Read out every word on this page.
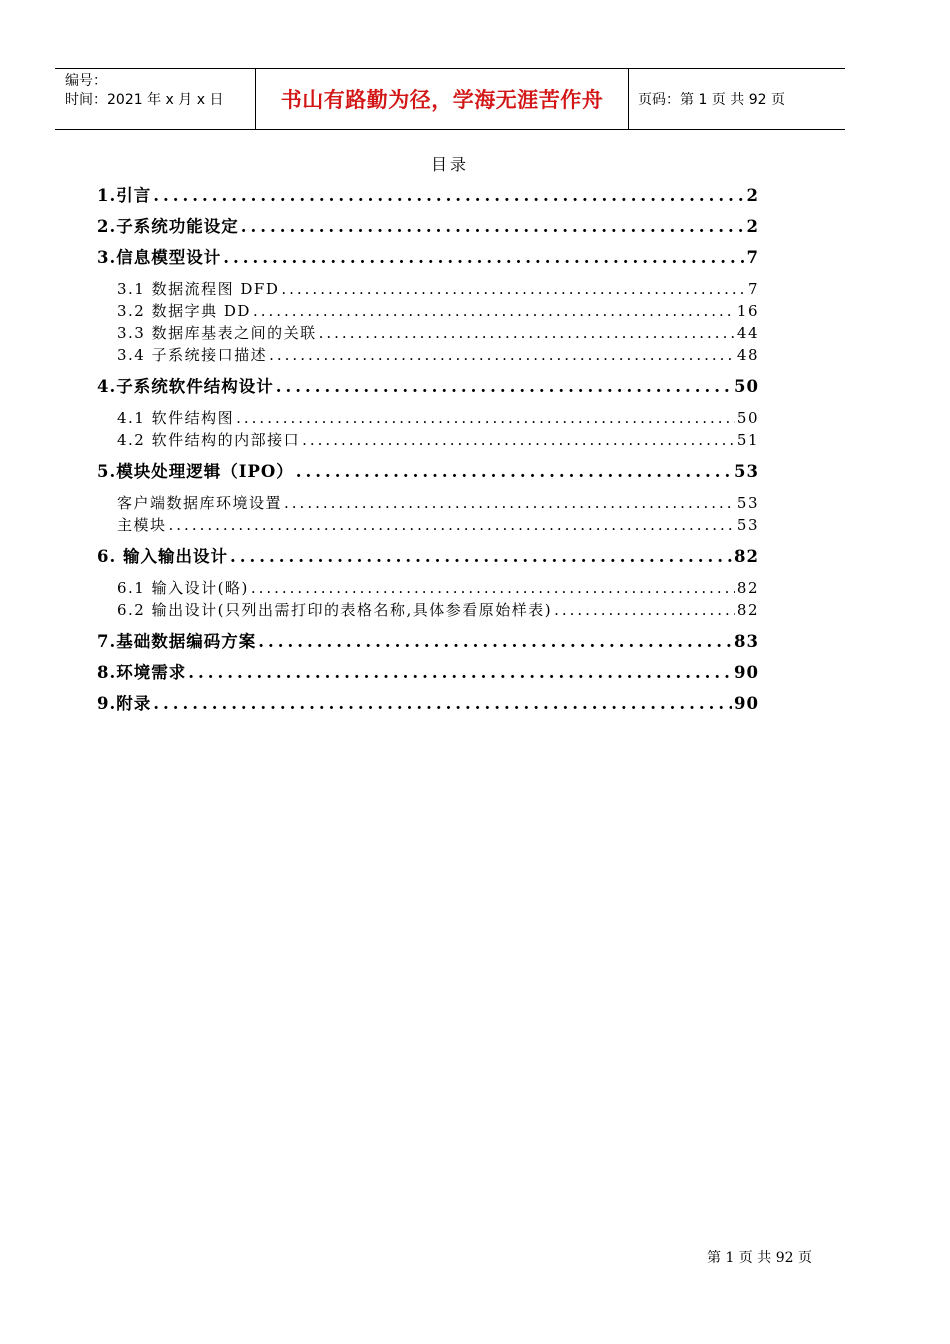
编号：
时间：2021 年 x 月 x 日	书山有路勤为径，学海无涯苦作舟 页码：第 1 页 共 92 页
目录
1.引言 .....	2
2.子系统功能设定 .....	2
3.信息模型设计 .....	7
3.1 数据流程图 DFD .....	7
3.2 数据字典 DD .....	16
3.3 数据库基表之间的关联 .....	44
3.4 子系统接口描述 .....	48
4.子系统软件结构设计 .....	50
4.1 软件结构图 .....	50
4.2 软件结构的内部接口 .....	51
5.模块处理逻辑（IPO） .....	53
客户端数据库环境设置 .....	53
主模块 .....	53
6. 输入输出设计 .....	82
6.1 输入设计(略) .....	82
6.2 输出设计(只列出需打印的表格名称,具体参看原始样表) .....	82
7.基础数据编码方案 .....	83
8.环境需求 .....	90
9.附录 .....	90
第 1 页 共 92 页
